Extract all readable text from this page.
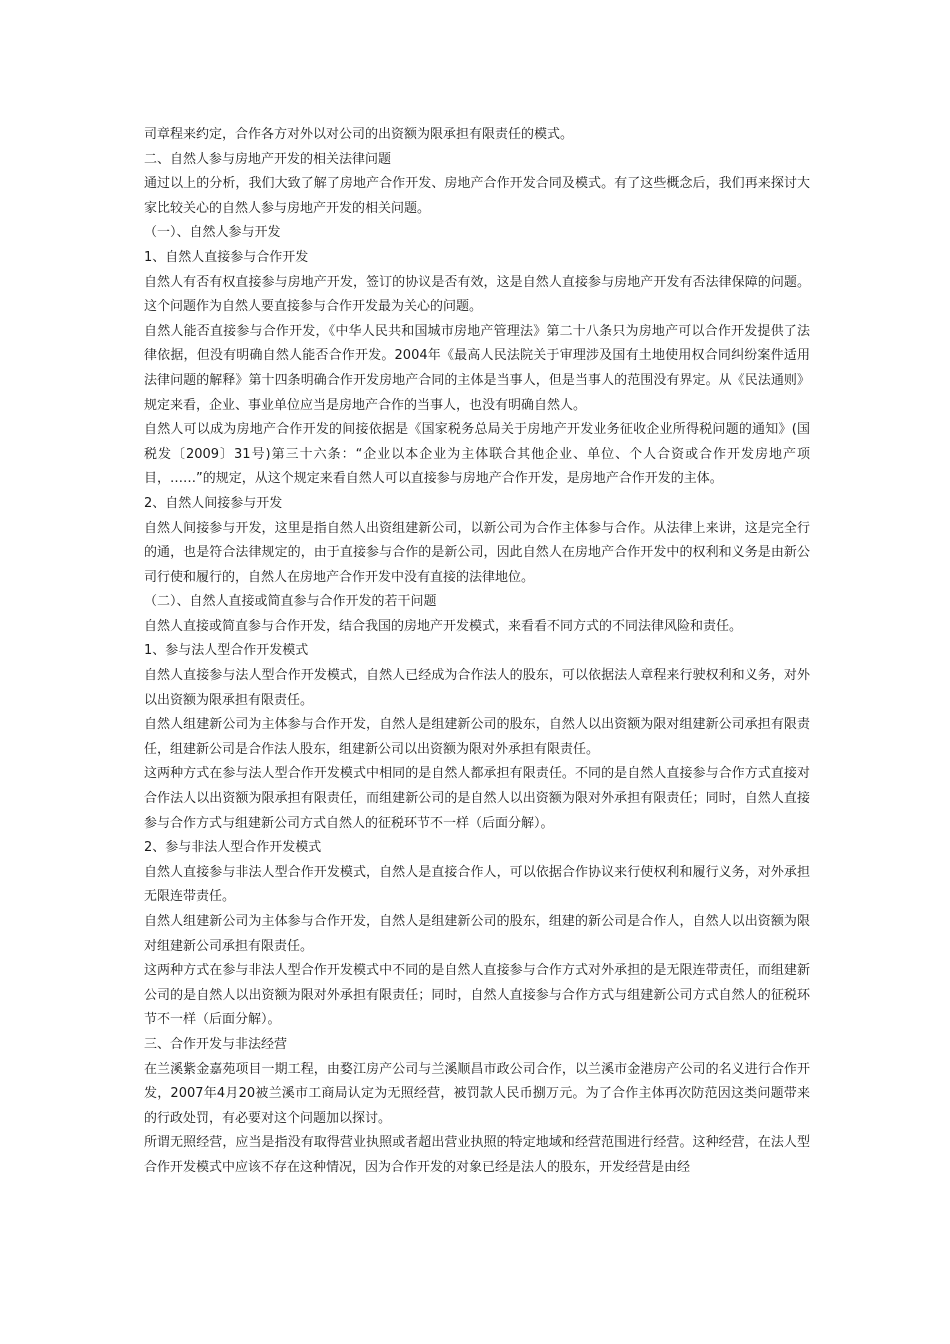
司章程来约定，合作各方对外以对公司的出资额为限承担有限责任的模式。

二、自然人参与房地产开发的相关法律问题

通过以上的分析，我们大致了解了房地产合作开发、房地产合作开发合同及模式。有了这些概念后，我们再来探讨大家比较关心的自然人参与房地产开发的相关问题。

（一）、自然人参与开发

1、自然人直接参与合作开发

自然人有否有权直接参与房地产开发，签订的协议是否有效，这是自然人直接参与房地产开发有否法律保障的问题。这个问题作为自然人要直接参与合作开发最为关心的问题。

自然人能否直接参与合作开发，《中华人民共和国城市房地产管理法》第二十八条只为房地产可以合作开发提供了法律依据，但没有明确自然人能否合作开发。2004年《最高人民法院关于审理涉及国有土地使用权合同纠纷案件适用法律问题的解释》第十四条明确合作开发房地产合同的主体是当事人，但是当事人的范围没有界定。从《民法通则》规定来看，企业、事业单位应当是房地产合作的当事人，也没有明确自然人。

自然人可以成为房地产合作开发的间接依据是《国家税务总局关于房地产开发业务征收企业所得税问题的通知》(国税发〔2009〕31号)第三十六条：“企业以本企业为主体联合其他企业、单位、个人合资或合作开发房地产项目，……”的规定，从这个规定来看自然人可以直接参与房地产合作开发，是房地产合作开发的主体。

2、自然人间接参与开发

自然人间接参与开发，这里是指自然人出资组建新公司，以新公司为合作主体参与合作。从法律上来讲，这是完全行的通，也是符合法律规定的，由于直接参与合作的是新公司，因此自然人在房地产合作开发中的权利和义务是由新公司行使和履行的，自然人在房地产合作开发中没有直接的法律地位。

（二）、自然人直接或简直参与合作开发的若干问题

自然人直接或简直参与合作开发，结合我国的房地产开发模式，来看看不同方式的不同法律风险和责任。

1、参与法人型合作开发模式

自然人直接参与法人型合作开发模式，自然人已经成为合作法人的股东，可以依据法人章程来行驶权利和义务，对外以出资额为限承担有限责任。

自然人组建新公司为主体参与合作开发，自然人是组建新公司的股东，自然人以出资额为限对组建新公司承担有限责任，组建新公司是合作法人股东，组建新公司以出资额为限对外承担有限责任。

这两种方式在参与法人型合作开发模式中相同的是自然人都承担有限责任。不同的是自然人直接参与合作方式直接对合作法人以出资额为限承担有限责任，而组建新公司的是自然人以出资额为限对外承担有限责任；同时，自然人直接参与合作方式与组建新公司方式自然人的征税环节不一样（后面分解）。

2、参与非法人型合作开发模式

自然人直接参与非法人型合作开发模式，自然人是直接合作人，可以依据合作协议来行使权利和履行义务，对外承担无限连带责任。

自然人组建新公司为主体参与合作开发，自然人是组建新公司的股东，组建的新公司是合作人，自然人以出资额为限对组建新公司承担有限责任。

这两种方式在参与非法人型合作开发模式中不同的是自然人直接参与合作方式对外承担的是无限连带责任，而组建新公司的是自然人以出资额为限对外承担有限责任；同时，自然人直接参与合作方式与组建新公司方式自然人的征税环节不一样（后面分解）。

三、合作开发与非法经营

在兰溪紫金嘉苑项目一期工程，由婺江房产公司与兰溪顺昌市政公司合作，以兰溪市金港房产公司的名义进行合作开发，2007年4月20被兰溪市工商局认定为无照经营，被罚款人民币捌万元。为了合作主体再次防范因这类问题带来的行政处罚，有必要对这个问题加以探讨。

所谓无照经营，应当是指没有取得营业执照或者超出营业执照的特定地域和经营范围进行经营。这种经营，在法人型合作开发模式中应该不存在这种情况，因为合作开发的对象已经是法人的股东，开发经营是由经
